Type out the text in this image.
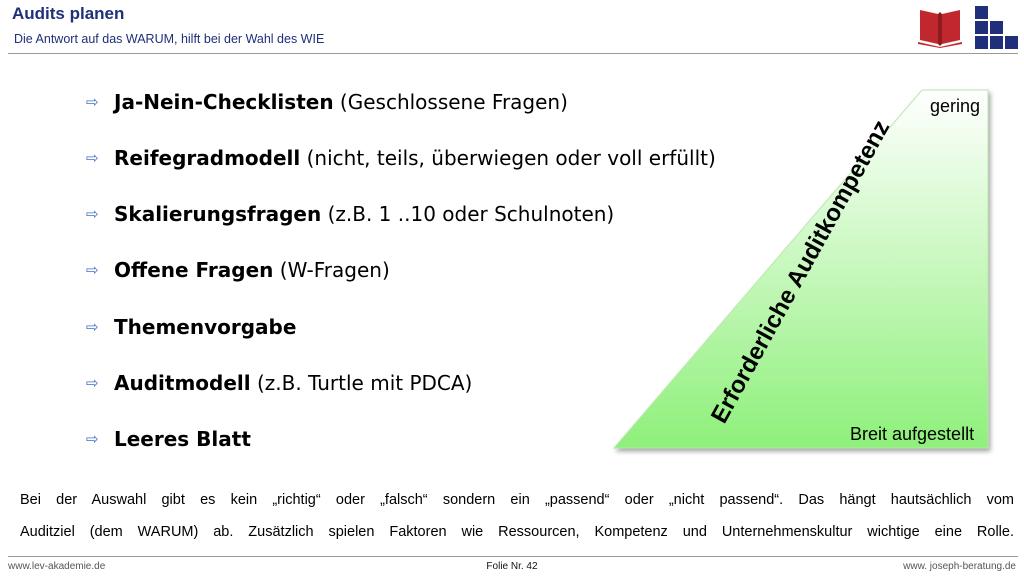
Audits planen
Die Antwort auf das WARUM, hilft bei der Wahl des WIE
⇨ Ja-Nein-Checklisten (Geschlossene Fragen)
⇨ Reifegradmodell (nicht, teils, überwiegen oder voll erfüllt)
⇨ Skalierungsfragen (z.B. 1 ..10 oder Schulnoten)
⇨ Offene Fragen (W-Fragen)
⇨ Themenvorgabe
⇨ Auditmodell (z.B. Turtle mit PDCA)
⇨ Leeres Blatt
gering
Breit aufgestellt
Erforderliche Auditkompetenz

Bei der Auswahl gibt es kein „richtig“ oder „falsch“ sondern ein „passend“ oder „nicht passend“. Das hängt hautsächlich vom
Auditziel (dem WARUM) ab. Zusätzlich spielen Faktoren wie Ressourcen, Kompetenz und Unternehmenskultur wichtige eine Rolle.

www.lev-akademie.de	Folie Nr. 42	www. joseph-beratung.de
